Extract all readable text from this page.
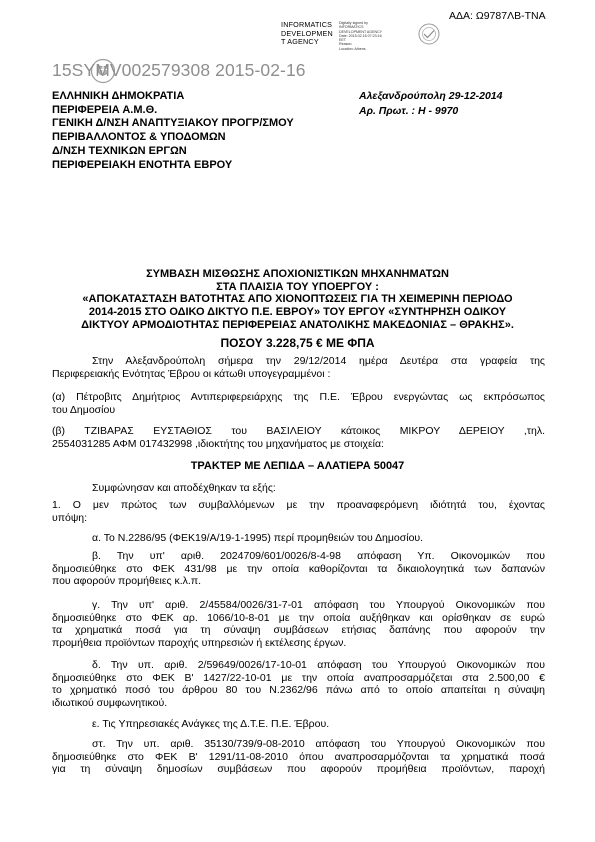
ΑΔΑ: Ω9787ΛΒ-ΤΝΑ
INFORMATICS
DEVELOPMEN
T AGENCY
Digitally signed by
INFORMATICS
DEVELOPMENT AGENCY
Date: 2015.02.16 07:23:16
EET
Reason:
Location: Athens
15SYMV002579308 2015-02-16
ΕΛΛΗΝΙΚΗ ΔΗΜΟΚΡΑΤΙΑ
ΠΕΡΙΦΕΡΕΙΑ Α.Μ.Θ.
ΓΕΝΙΚΗ Δ/ΝΣΗ ΑΝΑΠΤΥΞΙΑΚΟΥ ΠΡΟΓΡ/ΣΜΟΥ
ΠΕΡΙΒΑΛΛΟΝΤΟΣ & ΥΠΟΔΟΜΩΝ
Δ/ΝΣΗ ΤΕΧΝΙΚΩΝ ΕΡΓΩΝ
ΠΕΡΙΦΕΡΕΙΑΚΗ ΕΝΟΤΗΤΑ ΕΒΡΟΥ
Αλεξανδρούπολη 29-12-2014
Αρ. Πρωτ. : Η - 9970
ΣΥΜΒΑΣΗ ΜΙΣΘΩΣΗΣ ΑΠΟΧΙΟΝΙΣΤΙΚΩΝ ΜΗΧΑΝΗΜΑΤΩΝ
ΣΤΑ ΠΛΑΙΣΙΑ ΤΟΥ ΥΠΟΕΡΓΟΥ :
«ΑΠΟΚΑΤΑΣΤΑΣΗ ΒΑΤΟΤΗΤΑΣ ΑΠΟ ΧΙΟΝΟΠΤΩΣΕΙΣ ΓΙΑ ΤΗ ΧΕΙΜΕΡΙΝΗ ΠΕΡΙΟΔΟ
2014-2015 ΣΤΟ ΟΔΙΚΟ ΔΙΚΤΥΟ Π.Ε. ΕΒΡΟΥ» ΤΟΥ ΕΡΓΟΥ «ΣΥΝΤΗΡΗΣΗ ΟΔΙΚΟΥ
ΔΙΚΤΥΟΥ ΑΡΜΟΔΙΟΤΗΤΑΣ ΠΕΡΙΦΕΡΕΙΑΣ ΑΝΑΤΟΛΙΚΗΣ ΜΑΚΕΔΟΝΙΑΣ – ΘΡΑΚΗΣ».
ΠΟΣΟΥ 3.228,75 € ΜΕ ΦΠΑ
Στην Αλεξανδρούπολη σήμερα την 29/12/2014 ημέρα Δευτέρα στα γραφεία της
Περιφερειακής Ενότητας Έβρου οι κάτωθι υπογεγραμμένοι :
(α) Πέτροβιτς Δημήτριος Αντιπεριφερειάρχης της Π.Ε. Έβρου ενεργώντας ως εκπρόσωπος
του Δημοσίου
(β) ΤΖΙΒΑΡΑΣ ΕΥΣΤΑΘΙΟΣ του ΒΑΣΙΛΕΙΟΥ κάτοικος ΜΙΚΡΟΥ ΔΕΡΕΙΟΥ ,τηλ.
2554031285 ΑΦΜ 017432998 ,ιδιοκτήτης του μηχανήματος με στοιχεία:
ΤΡΑΚΤΕΡ ΜΕ ΛΕΠΙΔΑ – ΑΛΑΤΙΕΡΑ 50047
Συμφώνησαν και αποδέχθηκαν τα εξής:
1. Ο μεν πρώτος των συμβαλλόμενων με την προαναφερόμενη ιδιότητά του, έχοντας
υπόψη:
α. Το Ν.2286/95 (ΦΕΚ19/Α/19-1-1995) περί προμηθειών του Δημοσίου.
β. Την υπ' αριθ. 2024709/601/0026/8-4-98 απόφαση Υπ. Οικονομικών που
δημοσιεύθηκε στο ΦΕΚ 431/98 με την οποία καθορίζονται τα δικαιολογητικά των δαπανών
που αφορούν προμήθειες κ.λ.π.
γ. Την υπ' αριθ. 2/45584/0026/31-7-01 απόφαση του Υπουργού Οικονομικών που
δημοσιεύθηκε στο ΦΕΚ αρ. 1066/10-8-01 με την οποία αυξήθηκαν και ορίσθηκαν σε ευρώ
τα χρηματικά ποσά για τη σύναψη συμβάσεων ετήσιας δαπάνης που αφορούν την
προμήθεια προϊόντων παροχής υπηρεσιών ή εκτέλεσης έργων.
δ. Την υπ. αριθ. 2/59649/0026/17-10-01 απόφαση του Υπουργού Οικονομικών που
δημοσιεύθηκε στο ΦΕΚ Β' 1427/22-10-01 με την οποία αναπροσαρμόζεται στα 2.500,00 €
το χρηματικό ποσό του άρθρου 80 του Ν.2362/96 πάνω από το οποίο απαιτείται η σύναψη
ιδιωτικού συμφωνητικού.
ε. Τις Υπηρεσιακές Ανάγκες της Δ.Τ.Ε. Π.Ε. Έβρου.
στ. Την υπ. αριθ. 35130/739/9-08-2010 απόφαση του Υπουργού Οικονομικών που
δημοσιεύθηκε στο ΦΕΚ Β' 1291/11-08-2010 όπου αναπροσαρμόζονται τα χρηματικά ποσά
για τη σύναψη δημοσίων συμβάσεων που αφορούν προμήθεια προϊόντων, παροχή
